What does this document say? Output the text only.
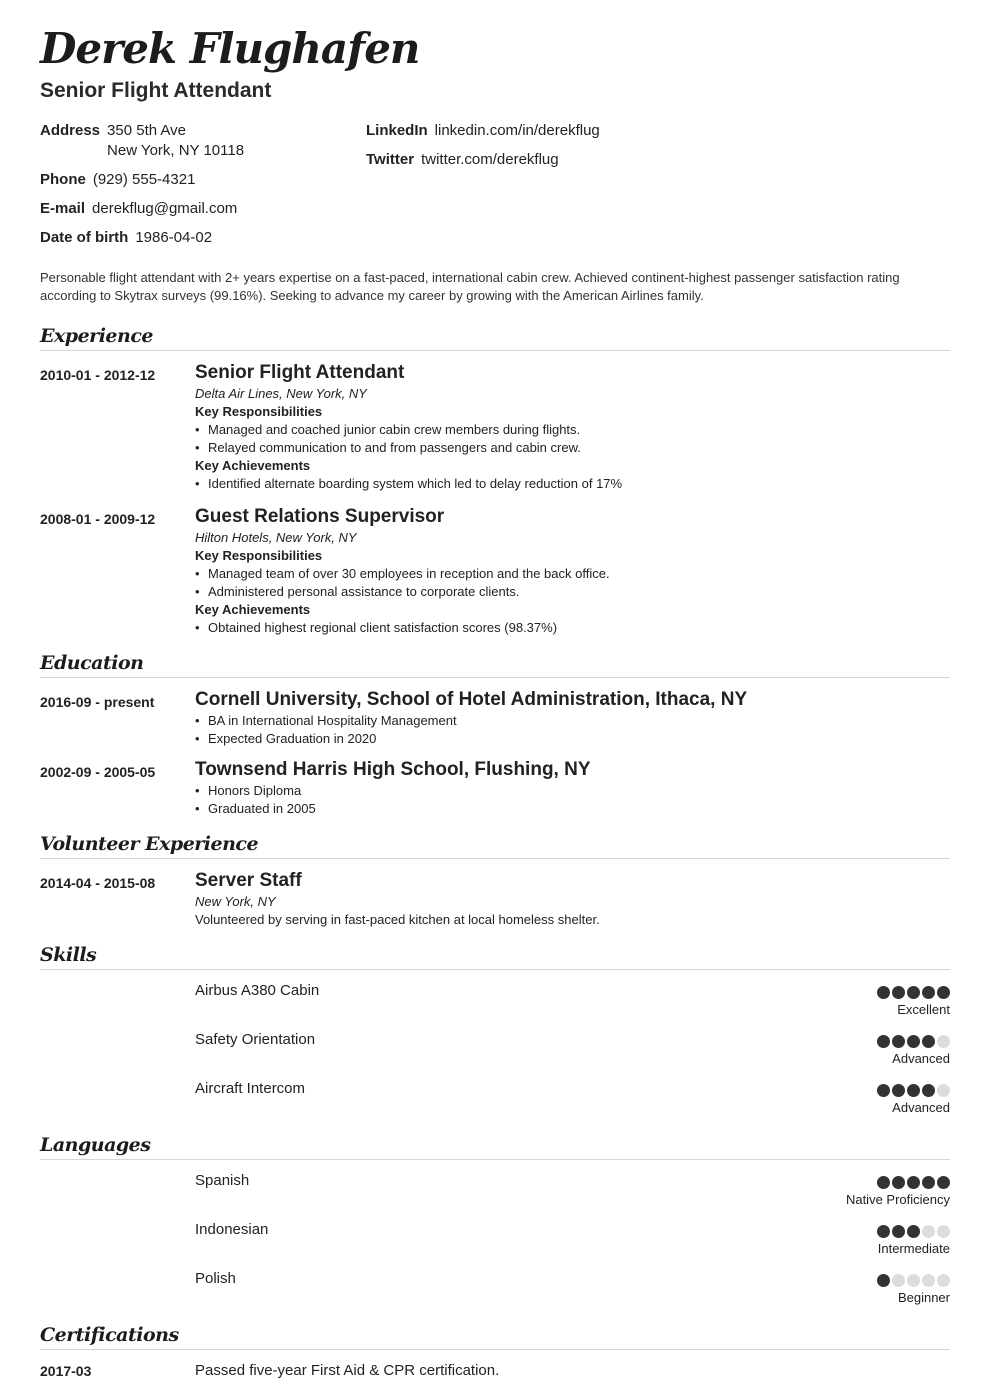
Derek Flughafen
Senior Flight Attendant
Address 350 5th Ave
New York, NY 10118
Phone (929) 555-4321
E-mail derekflug@gmail.com
Date of birth 1986-04-02
LinkedIn linkedin.com/in/derekflug
Twitter twitter.com/derekflug
Personable flight attendant with 2+ years expertise on a fast-paced, international cabin crew. Achieved continent-highest passenger satisfaction rating according to Skytrax surveys (99.16%). Seeking to advance my career by growing with the American Airlines family.
Experience
2010-01 - 2012-12	Senior Flight Attendant
Delta Air Lines, New York, NY
Key Responsibilities
• Managed and coached junior cabin crew members during flights.
• Relayed communication to and from passengers and cabin crew.
Key Achievements
• Identified alternate boarding system which led to delay reduction of 17%
2008-01 - 2009-12	Guest Relations Supervisor
Hilton Hotels, New York, NY
Key Responsibilities
• Managed team of over 30 employees in reception and the back office.
• Administered personal assistance to corporate clients.
Key Achievements
• Obtained highest regional client satisfaction scores (98.37%)
Education
2016-09 - present	Cornell University, School of Hotel Administration, Ithaca, NY
• BA in International Hospitality Management
• Expected Graduation in 2020
2002-09 - 2005-05	Townsend Harris High School, Flushing, NY
• Honors Diploma
• Graduated in 2005
Volunteer Experience
2014-04 - 2015-08	Server Staff
New York, NY
Volunteered by serving in fast-paced kitchen at local homeless shelter.
Skills
Airbus A380 Cabin
Excellent
Safety Orientation
Advanced
Aircraft Intercom
Advanced
Languages
Spanish
Native Proficiency
Indonesian
Intermediate
Polish
Beginner
Certifications
2017-03	Passed five-year First Aid & CPR certification.
